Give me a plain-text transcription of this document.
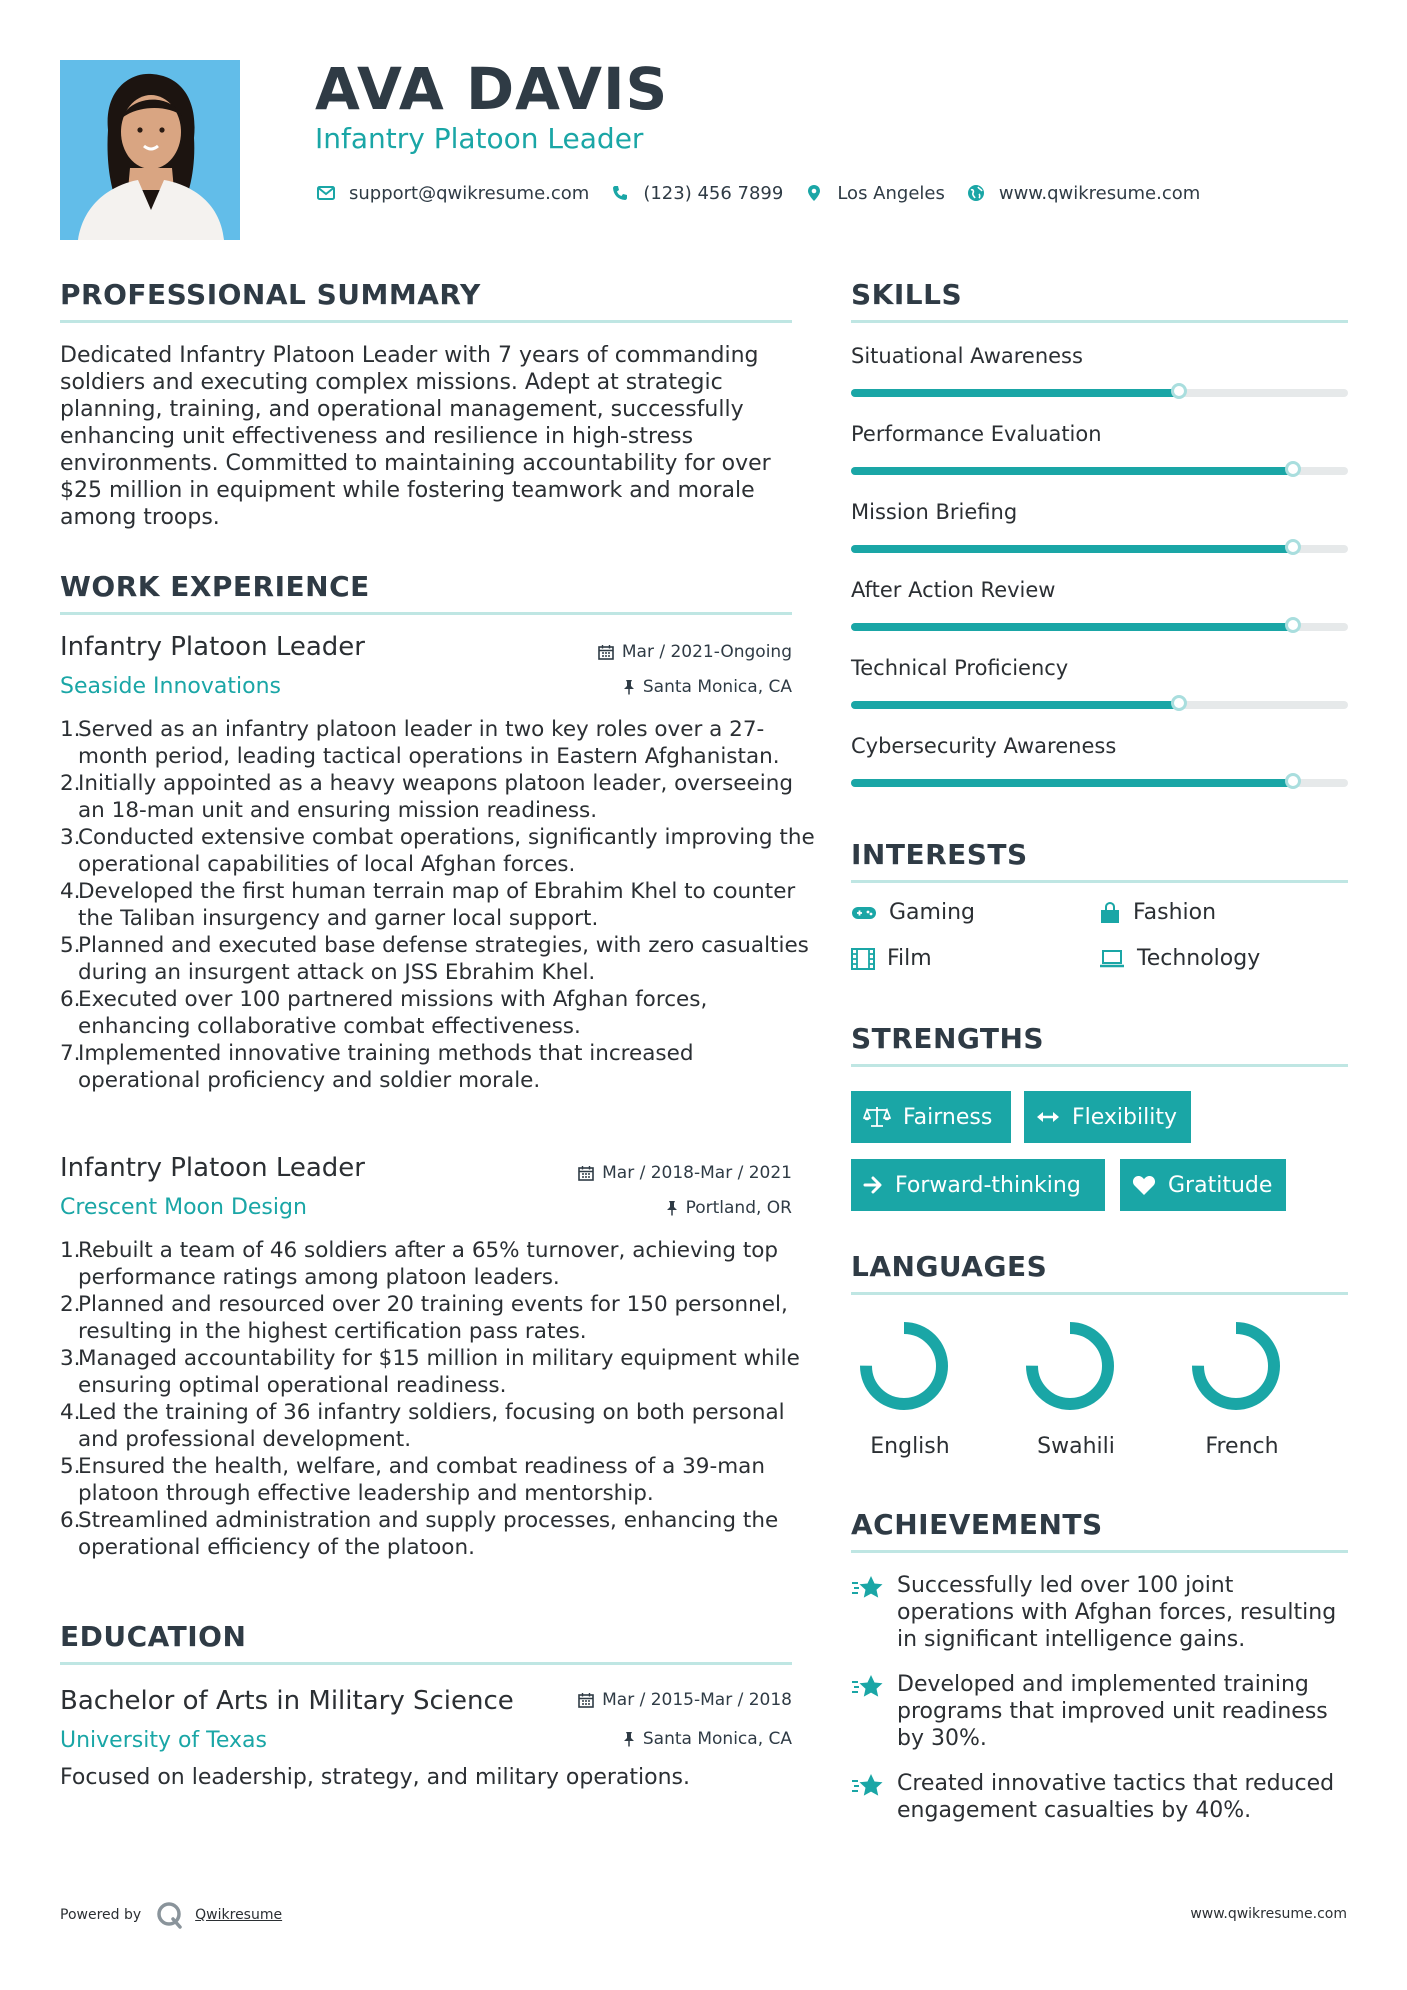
AVA DAVIS
Infantry Platoon Leader
support@qwikresume.com	(123) 456 7899	Los Angeles	www.qwikresume.com
PROFESSIONAL SUMMARY
Dedicated Infantry Platoon Leader with 7 years of commanding soldiers and executing complex missions. Adept at strategic planning, training, and operational management, successfully enhancing unit effectiveness and resilience in high-stress environments. Committed to maintaining accountability for over $25 million in equipment while fostering teamwork and morale among troops.
WORK EXPERIENCE
Infantry Platoon Leader	Mar / 2021-Ongoing
Seaside Innovations	Santa Monica, CA
1.
Served as an infantry platoon leader in two key roles over a 27-month period, leading tactical operations in Eastern Afghanistan.
2.
Initially appointed as a heavy weapons platoon leader, overseeing an 18-man unit and ensuring mission readiness.
3.
Conducted extensive combat operations, significantly improving the operational capabilities of local Afghan forces.
4.
Developed the first human terrain map of Ebrahim Khel to counter the Taliban insurgency and garner local support.
5.
Planned and executed base defense strategies, with zero casualties during an insurgent attack on JSS Ebrahim Khel.
6.
Executed over 100 partnered missions with Afghan forces, enhancing collaborative combat effectiveness.
7.
Implemented innovative training methods that increased operational proficiency and soldier morale.
Infantry Platoon Leader	Mar / 2018-Mar / 2021
Crescent Moon Design	Portland, OR
1.
Rebuilt a team of 46 soldiers after a 65% turnover, achieving top performance ratings among platoon leaders.
2.
Planned and resourced over 20 training events for 150 personnel, resulting in the highest certification pass rates.
3.
Managed accountability for $15 million in military equipment while ensuring optimal operational readiness.
4.
Led the training of 36 infantry soldiers, focusing on both personal and professional development.
5.
Ensured the health, welfare, and combat readiness of a 39-man platoon through effective leadership and mentorship.
6.
Streamlined administration and supply processes, enhancing the operational efficiency of the platoon.
EDUCATION
Bachelor of Arts in Military Science	Mar / 2015-Mar / 2018
University of Texas	Santa Monica, CA
Focused on leadership, strategy, and military operations.
SKILLS
Situational Awareness
Performance Evaluation
Mission Briefing
After Action Review
Technical Proficiency
Cybersecurity Awareness
INTERESTS
Gaming	Fashion
Film	Technology
STRENGTHS
Fairness	Flexibility
Forward-thinking	Gratitude
LANGUAGES
English	Swahili	French
ACHIEVEMENTS
Successfully led over 100 joint operations with Afghan forces, resulting in significant intelligence gains.
Developed and implemented training programs that improved unit readiness by 30%.
Created innovative tactics that reduced engagement casualties by 40%.
Powered by	Qwikresume	www.qwikresume.com
